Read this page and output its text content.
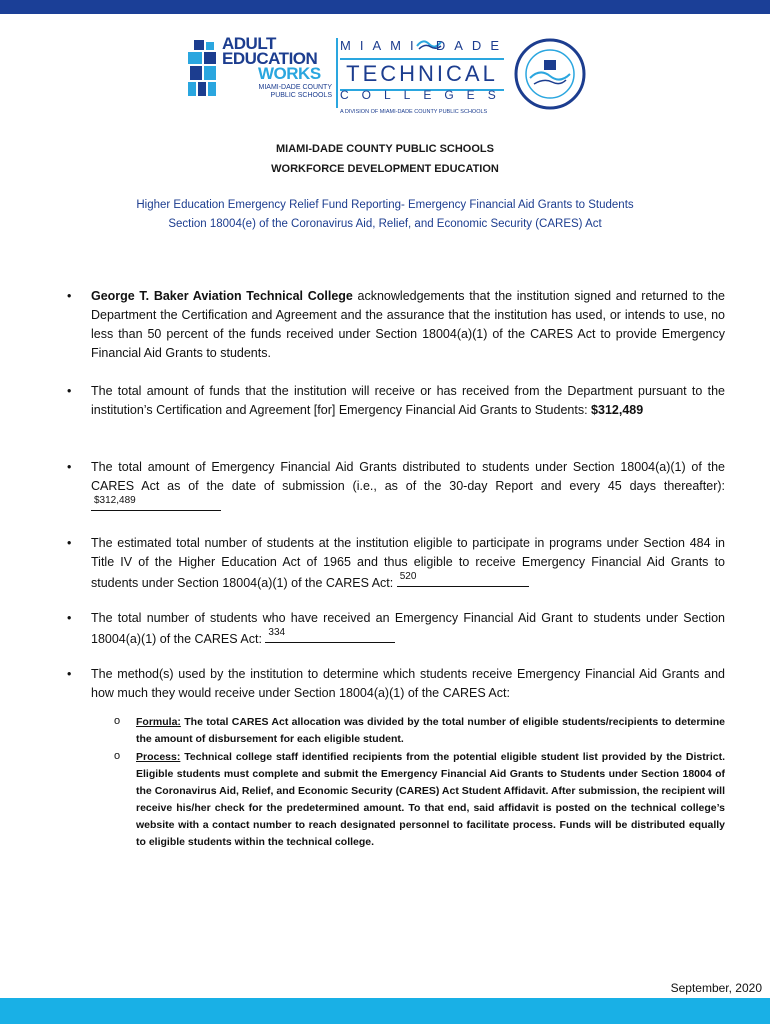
ADULT
EDUCATION
WORKS
MIAMI-DADE COUNTY
PUBLIC SCHOOLS
MIAMI DADE
TECHNICAL
COLLEGES
A DIVISION OF MIAMI-DADE COUNTY PUBLIC SCHOOLS
MIAMI-DADE COUNTY PUBLIC SCHOOLS
WORKFORCE DEVELOPMENT EDUCATION
Higher Education Emergency Relief Fund Reporting- Emergency Financial Aid Grants to Students
Section 18004(e) of the Coronavirus Aid, Relief, and Economic Security (CARES) Act
• George T. Baker Aviation Technical College acknowledgements that the institution signed and returned to the Department the Certification and Agreement and the assurance that the institution has used, or intends to use, no less than 50 percent of the funds received under Section 18004(a)(1) of the CARES Act to provide Emergency Financial Aid Grants to students.
• The total amount of funds that the institution will receive or has received from the Department pursuant to the institution’s Certification and Agreement [for] Emergency Financial Aid Grants to Students: $312,489
• The total amount of Emergency Financial Aid Grants distributed to students under Section 18004(a)(1) of the CARES Act as of the date of submission (i.e., as of the 30-day Report and every 45 days thereafter):
$312,489
• The estimated total number of students at the institution eligible to participate in programs under Section 484 in Title IV of the Higher Education Act of 1965 and thus eligible to receive Emergency Financial Aid Grants to students under Section 18004(a)(1) of the CARES Act: 520
• The total number of students who have received an Emergency Financial Aid Grant to students under Section 18004(a)(1) of the CARES Act: 334
• The method(s) used by the institution to determine which students receive Emergency Financial Aid Grants and how much they would receive under Section 18004(a)(1) of the CARES Act:
o Formula: The total CARES Act allocation was divided by the total number of eligible students/recipients to determine the amount of disbursement for each eligible student.
o Process: Technical college staff identified recipients from the potential eligible student list provided by the District. Eligible students must complete and submit the Emergency Financial Aid Grants to Students under Section 18004 of the Coronavirus Aid, Relief, and Economic Security (CARES) Act Student Affidavit. After submission, the recipient will receive his/her check for the predetermined amount. To that end, said affidavit is posted on the technical college’s website with a contact number to reach designated personnel to facilitate process. Funds will be distributed equally to eligible students within the technical college.
September, 2020
